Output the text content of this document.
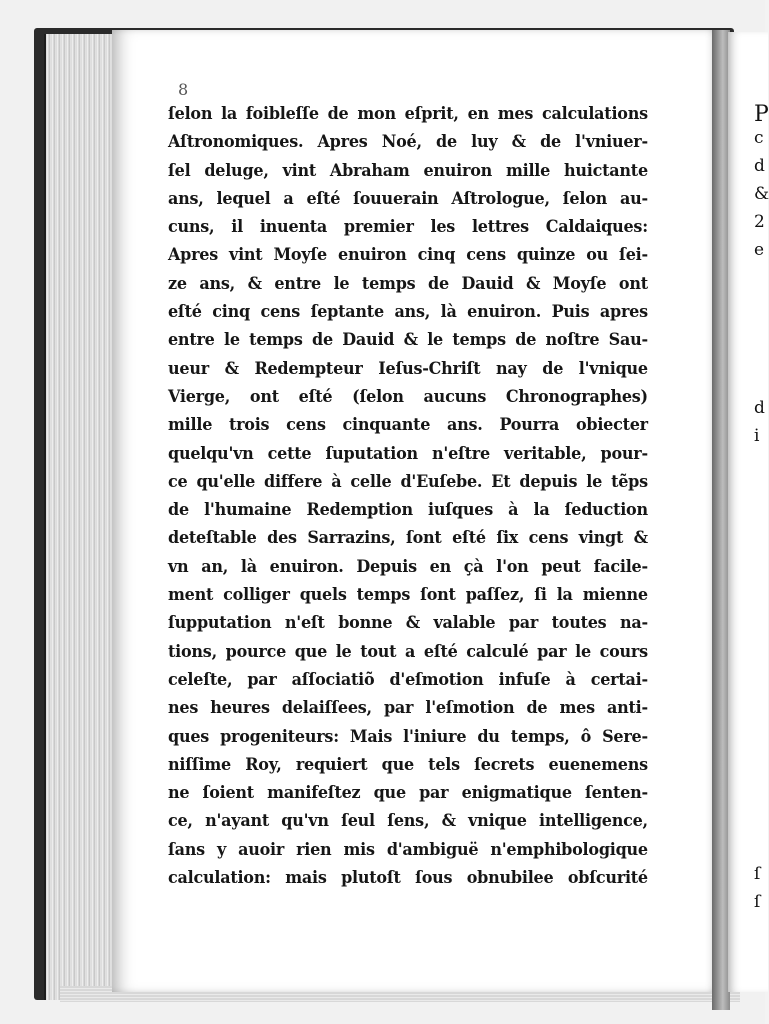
P
c
d
&
2
e
d
i
ſ
ſ
8
ſelon la foibleſſe de mon eſprit, en mes calculations
Aſtronomiques. Apres Noé, de luy & de l'vniuer-
ſel deluge, vint Abraham enuiron mille huictante
ans, lequel a eſté ſouuerain Aſtrologue, ſelon au-
cuns, il inuenta premier les lettres Caldaiques:
Apres vint Moyſe enuiron cinq cens quinze ou ſei-
ze ans, & entre le temps de Dauid & Moyſe ont
eſté cinq cens ſeptante ans, là enuiron. Puis apres
entre le temps de Dauid & le temps de noſtre Sau-
ueur & Redempteur Ieſus-Chriſt nay de l'vnique
Vierge, ont eſté (ſelon aucuns Chronographes)
mille trois cens cinquante ans. Pourra obiecter
quelqu'vn cette ſuputation n'eſtre veritable, pour-
ce qu'elle differe à celle d'Euſebe. Et depuis le tẽps
de l'humaine Redemption iuſques à la ſeduction
deteſtable des Sarrazins, ſont eſté ſix cens vingt &
vn an, là enuiron. Depuis en çà l'on peut facile-
ment colliger quels temps ſont paſſez, ſi la mienne
ſupputation n'eſt bonne & valable par toutes na-
tions, pource que le tout a eſté calculé par le cours
celeſte, par aſſociatiõ d'eſmotion infuſe à certai-
nes heures delaiſſees, par l'eſmotion de mes anti-
ques progeniteurs: Mais l'iniure du temps, ô Sere-
niſſime Roy, requiert que tels ſecrets euenemens
ne ſoient manifeſtez que par enigmatique ſenten-
ce, n'ayant qu'vn ſeul ſens, & vnique intelligence,
ſans y auoir rien mis d'ambiguë n'emphibologique
calculation: mais plutoſt ſous obnubilee obſcurité
